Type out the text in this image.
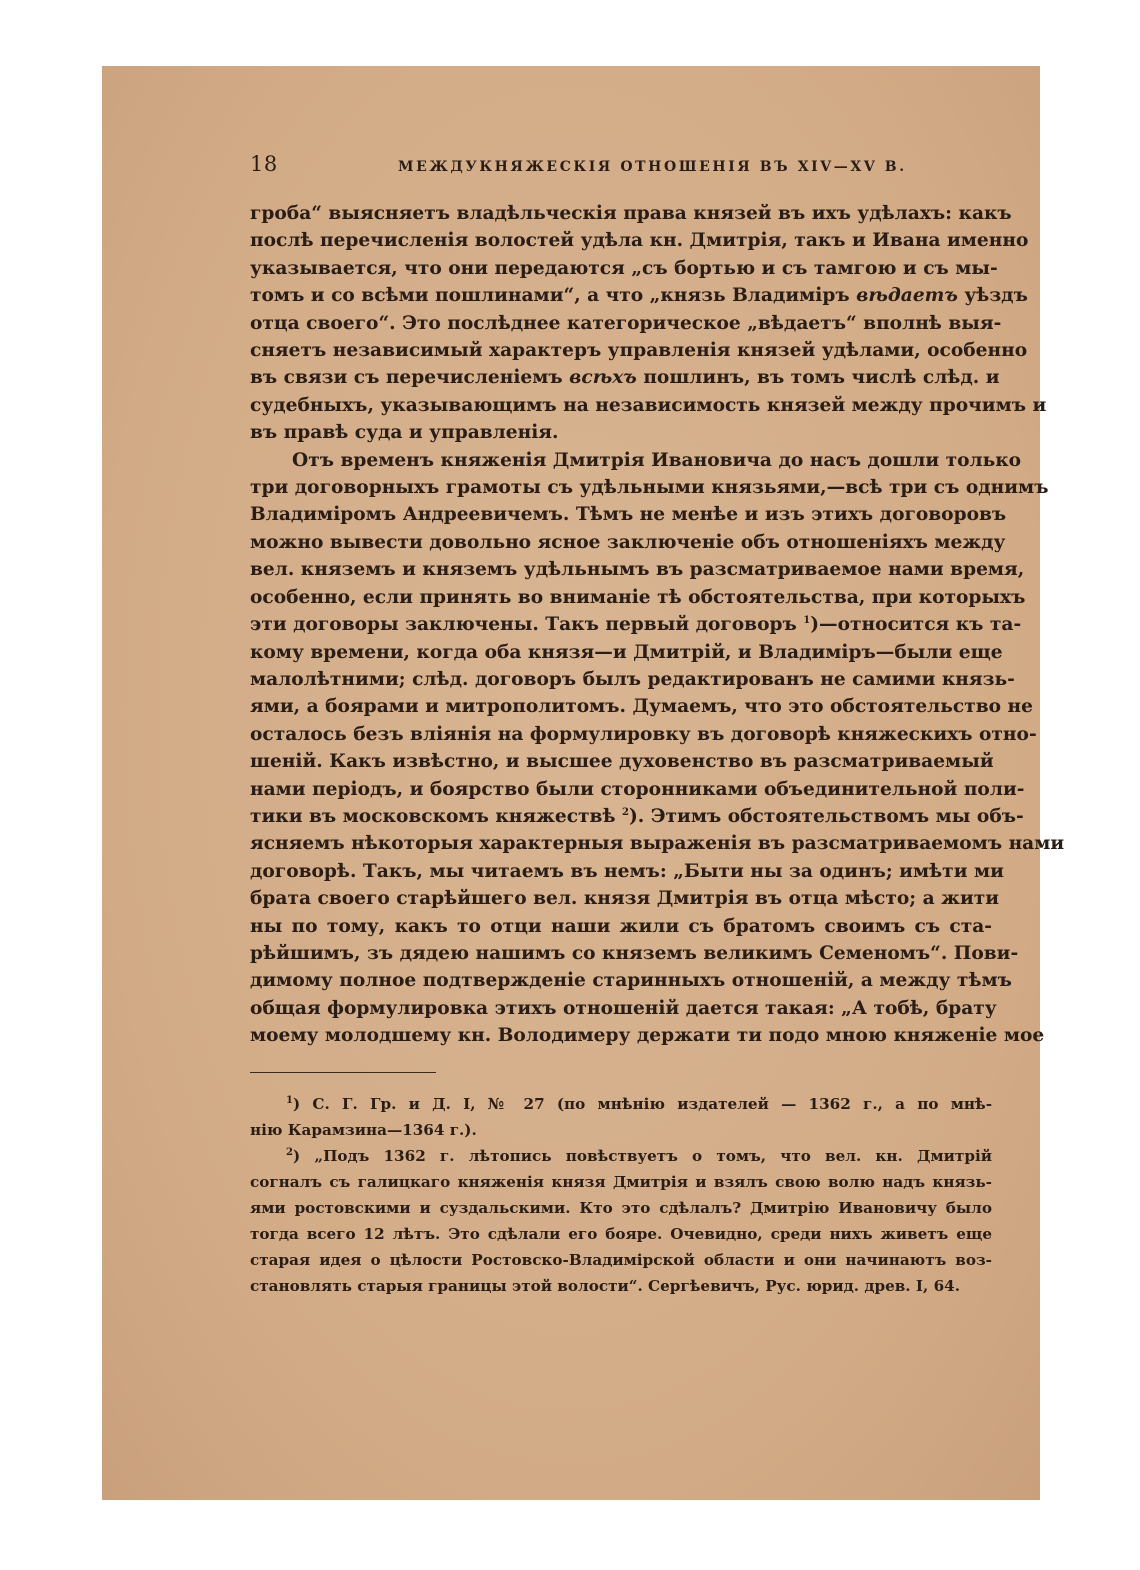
18	МЕЖДУКНЯЖЕСКІЯ ОТНОШЕНІЯ ВЪ XIV—XV В.

гроба“ выясняетъ владѣльческія права князей въ ихъ удѣлахъ: какъ

послѣ перечисленія волостей удѣла кн. Дмитрія, такъ и Ивана именно

указывается, что они передаются „съ бортью и съ тамгою и съ мы-

томъ и со всѣми пошлинами“, а что „князь Владиміръ вѣдаетъ уѣздъ

отца своего“. Это послѣднее категорическое „вѣдаетъ“ вполнѣ выя-

сняетъ независимый характеръ управленія князей удѣлами, особенно

въ связи съ перечисленіемъ всѣхъ пошлинъ, въ томъ числѣ слѣд. и

судебныхъ, указывающимъ на независимость князей между прочимъ и

въ правѣ суда и управленія.

Отъ временъ княженія Дмитрія Ивановича до насъ дошли только

три договорныхъ грамоты съ удѣльными князьями,—всѣ три съ однимъ

Владиміромъ Андреевичемъ. Тѣмъ не менѣе и изъ этихъ договоровъ

можно вывести довольно ясное заключеніе объ отношеніяхъ между

вел. княземъ и княземъ удѣльнымъ въ разсматриваемое нами время,

особенно, если принять во вниманіе тѣ обстоятельства, при которыхъ

эти договоры заключены. Такъ первый договоръ $^1$)—относится къ та-

кому времени, когда оба князя—и Дмитрій, и Владиміръ—были еще

малолѣтними; слѣд. договоръ былъ редактированъ не самими князь-

ями, а боярами и митрополитомъ. Думаемъ, что это обстоятельство не

осталось безъ вліянія на формулировку въ договорѣ княжескихъ отно-

шеній. Какъ извѣстно, и высшее духовенство въ разсматриваемый

нами періодъ, и боярство были сторонниками объединительной поли-

тики въ московскомъ княжествѣ $^2$). Этимъ обстоятельствомъ мы объ-

ясняемъ нѣкоторыя характерныя выраженія въ разсматриваемомъ нами

договорѣ. Такъ, мы читаемъ въ немъ: „Быти ны за одинъ; имѣти ми

брата своего старѣйшего вел. князя Дмитрія въ отца мѣсто; а жити

ны по тому, какъ то отци наши жили съ братомъ своимъ съ ста-

рѣйшимъ, зъ дядею нашимъ со княземъ великимъ Семеномъ“. Пови-

димому полное подтвержденіе старинныхъ отношеній, а между тѣмъ

общая формулировка этихъ отношеній дается такая: „А тобѣ, брату

моему молодшему кн. Володимеру держати ти подо мною княженіе мое

$^1$) С. Г. Гр. и Д. I, № 27 (по мнѣнію издателей — 1362 г., а по мнѣ-

нію Карамзина—1364 г.).

$^2$) „Подъ 1362 г. лѣтопись повѣствуетъ о томъ, что вел. кн. Дмитрій

согналъ съ галицкаго княженія князя Дмитрія и взялъ свою волю надъ князь-

ями ростовскими и суздальскими. Кто это сдѣлалъ? Дмитрію Ивановичу было

тогда всего 12 лѣтъ. Это сдѣлали его бояре. Очевидно, среди нихъ живетъ еще

старая идея о цѣлости Ростовско-Владимірской области и они начинаютъ воз-

становлять старыя границы этой волости“. Сергѣевичъ, Рус. юрид. древ. I, 64.
